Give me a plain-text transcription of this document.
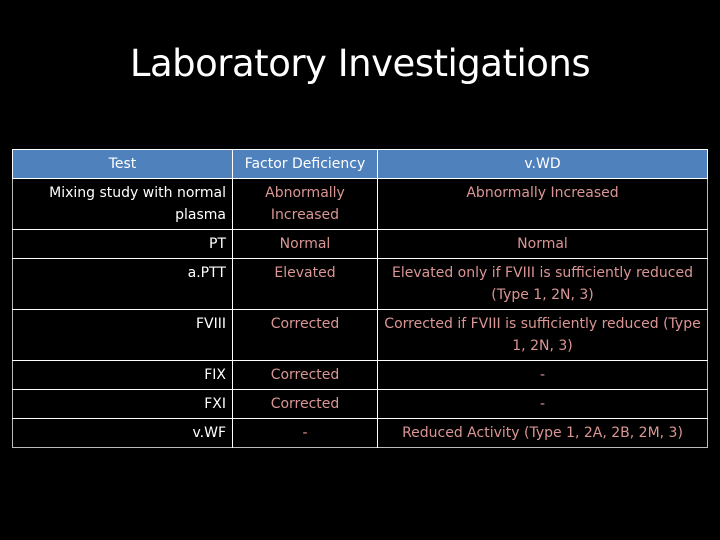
Laboratory Investigations
Test	Factor Deficiency	v.WD
Mixing study with normal plasma	Abnormally Increased	Abnormally Increased
PT	Normal	Normal
a.PTT	Elevated	Elevated only if FVIII is sufficiently reduced (Type 1, 2N, 3)
FVIII	Corrected	Corrected if FVIII is sufficiently reduced (Type 1, 2N, 3)
FIX	Corrected	-
FXI	Corrected	-
v.WF	-	Reduced Activity (Type 1, 2A, 2B, 2M, 3)
